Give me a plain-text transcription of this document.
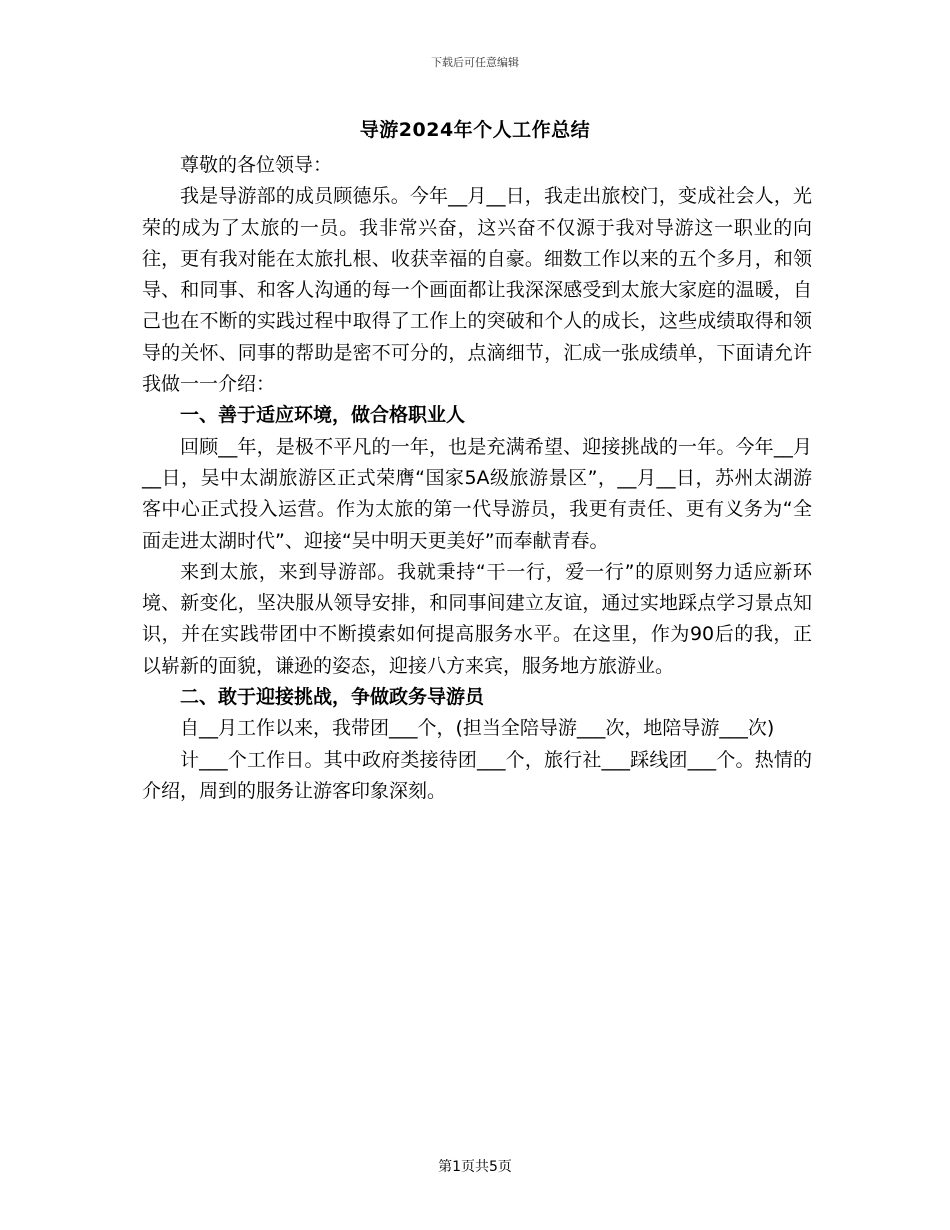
下载后可任意编辑
导游2024年个人工作总结

尊敬的各位领导：

我是导游部的成员顾德乐。今年__月__日，我走出旅校门，变成社会人，光荣的成为了太旅的一员。我非常兴奋，这兴奋不仅源于我对导游这一职业的向往，更有我对能在太旅扎根、收获幸福的自豪。细数工作以来的五个多月，和领导、和同事、和客人沟通的每一个画面都让我深深感受到太旅大家庭的温暖，自己也在不断的实践过程中取得了工作上的突破和个人的成长，这些成绩取得和领导的关怀、同事的帮助是密不可分的，点滴细节，汇成一张成绩单，下面请允许我做一一介绍：

一、善于适应环境，做合格职业人

回顾__年，是极不平凡的一年，也是充满希望、迎接挑战的一年。今年__月__日，吴中太湖旅游区正式荣膺“国家5A级旅游景区”，__月__日，苏州太湖游客中心正式投入运营。作为太旅的第一代导游员，我更有责任、更有义务为“全面走进太湖时代”、迎接“吴中明天更美好”而奉献青春。

来到太旅，来到导游部。我就秉持“干一行，爱一行”的原则努力适应新环境、新变化，坚决服从领导安排，和同事间建立友谊，通过实地踩点学习景点知识，并在实践带团中不断摸索如何提高服务水平。在这里，作为90后的我，正以崭新的面貌，谦逊的姿态，迎接八方来宾，服务地方旅游业。

二、敢于迎接挑战，争做政务导游员

自__月工作以来，我带团___个，(担当全陪导游___次，地陪导游___次)

计___个工作日。其中政府类接待团___个，旅行社___踩线团___个。热情的介绍，周到的服务让游客印象深刻。

第1页共5页
